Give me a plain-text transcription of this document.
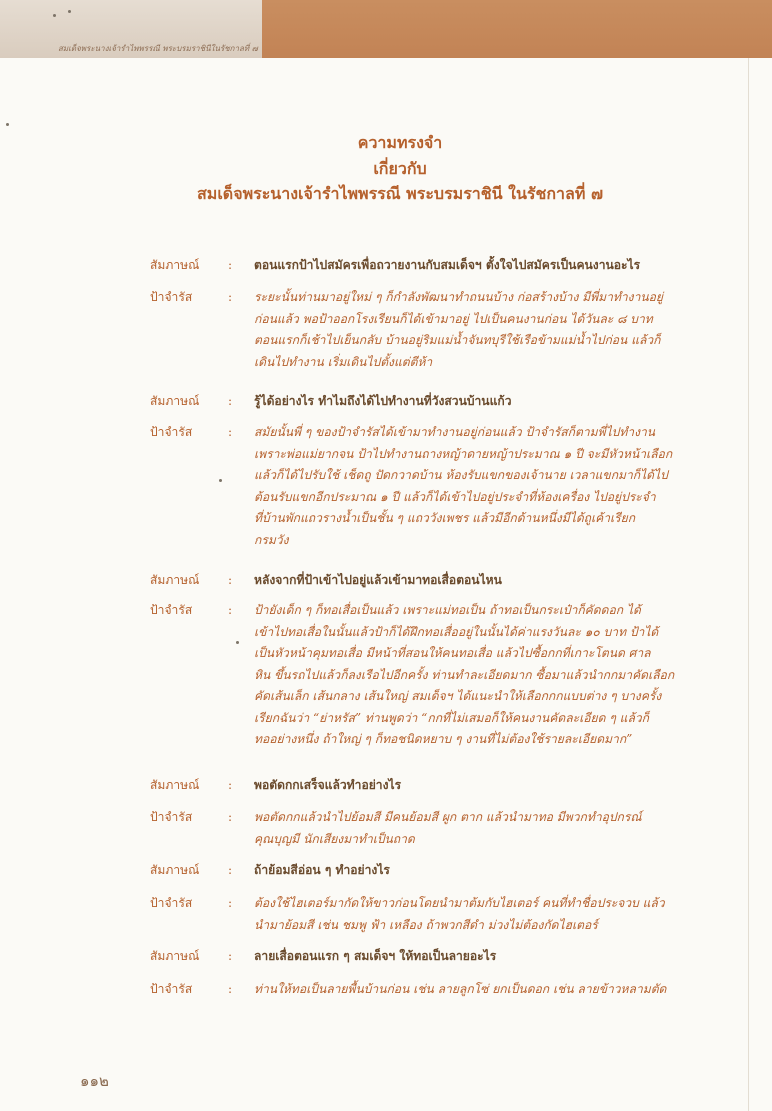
สมเด็จพระนางเจ้ารำไพพรรณี พระบรมราชินีในรัชกาลที่ ๗

ความทรงจำ
เกี่ยวกับ
สมเด็จพระนางเจ้ารำไพพรรณี พระบรมราชินี ในรัชกาลที่ ๗
สัมภาษณ์	:	ตอนแรกป้าไปสมัครเพื่อถวายงานกับสมเด็จฯ ตั้งใจไปสมัครเป็นคนงานอะไร
ป้าจำรัส	:	ระยะนั้นท่านมาอยู่ใหม่ ๆ ก็กำลังพัฒนาทำถนนบ้าง ก่อสร้างบ้าง มีพี่มาทำงานอยู่
ก่อนแล้ว พอป้าออกโรงเรียนก็ได้เข้ามาอยู่ ไปเป็นคนงานก่อน ได้วันละ ๘ บาท
ตอนแรกก็เช้าไปเย็นกลับ บ้านอยู่ริมแม่น้ำจันทบุรีใช้เรือข้ามแม่น้ำไปก่อน แล้วก็
เดินไปทำงาน เริ่มเดินไปตั้งแต่ตีห้า
สัมภาษณ์	:	รู้ได้อย่างไร ทำไมถึงได้ไปทำงานที่วังสวนบ้านแก้ว
ป้าจำรัส	:	สมัยนั้นพี่ ๆ ของป้าจำรัสได้เข้ามาทำงานอยู่ก่อนแล้ว ป้าจำรัสก็ตามพี่ไปทำงาน
เพราะพ่อแม่ยากจน ป้าไปทำงานถางหญ้าดายหญ้าประมาณ ๑ ปี จะมีหัวหน้าเลือก
แล้วก็ได้ไปรับใช้ เช็ดถู ปัดกวาดบ้าน ห้องรับแขกของเจ้านาย เวลาแขกมาก็ได้ไป
ต้อนรับแขกอีกประมาณ ๑ ปี แล้วก็ได้เข้าไปอยู่ประจำที่ห้องเครื่อง ไปอยู่ประจำ
ที่บ้านพักแถวรางน้ำเป็นชั้น ๆ แถววังเพชร แล้วมีอีกด้านหนึ่งมีได้ถูเค้าเรียก
กรมวัง
สัมภาษณ์	:	หลังจากที่ป้าเข้าไปอยู่แล้วเข้ามาทอเสื่อตอนไหน
ป้าจำรัส	:	ป้ายังเด็ก ๆ ก็ทอเสื่อเป็นแล้ว เพราะแม่ทอเป็น ถ้าทอเป็นกระเป๋าก็คัดดอก ได้
เข้าไปทอเสื่อในนั้นแล้วป้าก็ได้ฝึกทอเสื่ออยู่ในนั้นได้ค่าแรงวันละ ๑๐ บาท ป้าได้
เป็นหัวหน้าคุมทอเสื่อ มีหน้าที่สอนให้คนทอเสื่อ แล้วไปซื้อกกที่เกาะโตนด ศาล
หิน ขึ้นรถไปแล้วก็ลงเรือไปอีกครั้ง ท่านทำละเอียดมาก ซื้อมาแล้วนำกกมาคัดเลือก
คัดเส้นเล็ก เส้นกลาง เส้นใหญ่ สมเด็จฯ ได้แนะนำให้เลือกกกแบบต่าง ๆ บางครั้ง
เรียกฉันว่า “ย่าหรัส” ท่านพูดว่า “กกที่ไม่เสมอก็ให้คนงานคัดละเอียด ๆ แล้วก็
ทออย่างหนึ่ง ถ้าใหญ่ ๆ ก็ทอชนิดหยาบ ๆ งานที่ไม่ต้องใช้รายละเอียดมาก”
สัมภาษณ์	:	พอตัดกกเสร็จแล้วทำอย่างไร
ป้าจำรัส	:	พอตัดกกแล้วนำไปย้อมสี มีคนย้อมสี ผูก ตาก แล้วนำมาทอ มีพวกทำอุปกรณ์
คุณบุญมี นักเสียงมาทำเป็นถาด
สัมภาษณ์	:	ถ้าย้อมสีอ่อน ๆ ทำอย่างไร
ป้าจำรัส	:	ต้องใช้ไฮเตอร์มากัดให้ขาวก่อนโดยนำมาต้มกับไฮเตอร์ คนที่ทำชื่อประจวบ แล้ว
นำมาย้อมสี เช่น ชมพู ฟ้า เหลือง ถ้าพวกสีดำ ม่วงไม่ต้องกัดไฮเตอร์
สัมภาษณ์	:	ลายเสื่อตอนแรก ๆ สมเด็จฯ ให้ทอเป็นลายอะไร
ป้าจำรัส	:	ท่านให้ทอเป็นลายพื้นบ้านก่อน เช่น ลายลูกโซ่ ยกเป็นดอก เช่น ลายข้าวหลามตัด

๑๑๒
